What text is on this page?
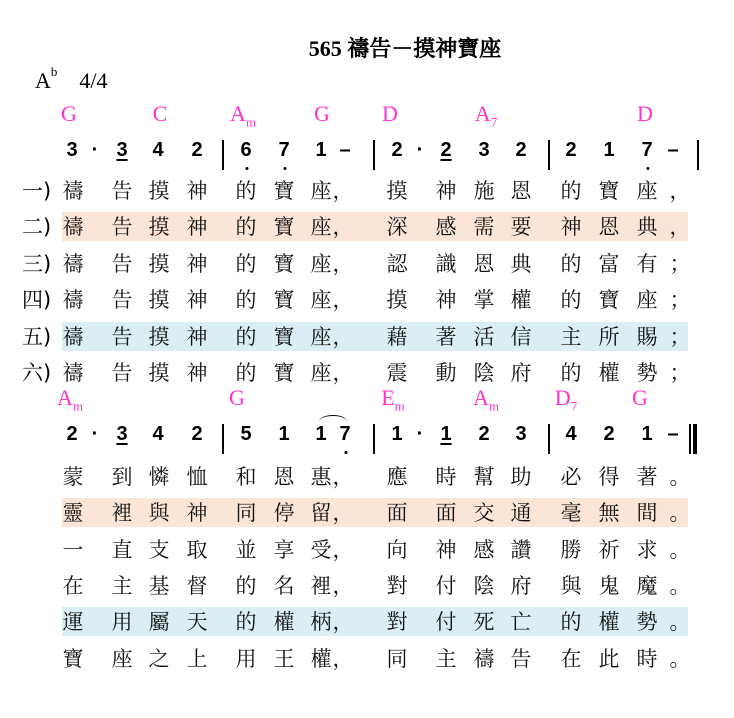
565 禱告－摸神寶座
$A^b$ 4/4
G	C	$A_m$	G D	$A_7$	D
3 · 3 4 2 6 7 1 – 2 · 2 3 2 2 1 7 –
一) 禱 告 摸 神 的 寶 座 ， 摸 神 施 恩 的 寶 座 ，
二) 禱 告 摸 神 的 寶 座 ， 深 感 需 要 神 恩 典 ，
三) 禱 告 摸 神 的 寶 座 ， 認 識 恩 典 的 富 有 ；
四) 禱 告 摸 神 的 寶 座 ， 摸 神 掌 權 的 寶 座 ；
五) 禱 告 摸 神 的 寶 座 ， 藉 著 活 信 主 所 賜 ；
六) 禱 告 摸 神 的 寶 座 ， 震 動 陰 府 的 權 勢 ；
$A_m$	G	$E_m$	$A_m$	$D_7$ G
2 · 3 4 2 5 1 1 7 1 · 1 2 3 4 2 1 –
蒙 到 憐 恤 和 恩 惠 ， 應 時 幫 助 必 得 著 。
靈 裡 與 神 同 停 留 ， 面 面 交 通 毫 無 間 。
一 直 支 取 並 享 受 ， 向 神 感 讚 勝 祈 求 。
在 主 基 督 的 名 裡 ， 對 付 陰 府 與 鬼 魔 。
運 用 屬 天 的 權 柄 ， 對 付 死 亡 的 權 勢 。
寶 座 之 上 用 王 權 ， 同 主 禱 告 在 此 時 。
